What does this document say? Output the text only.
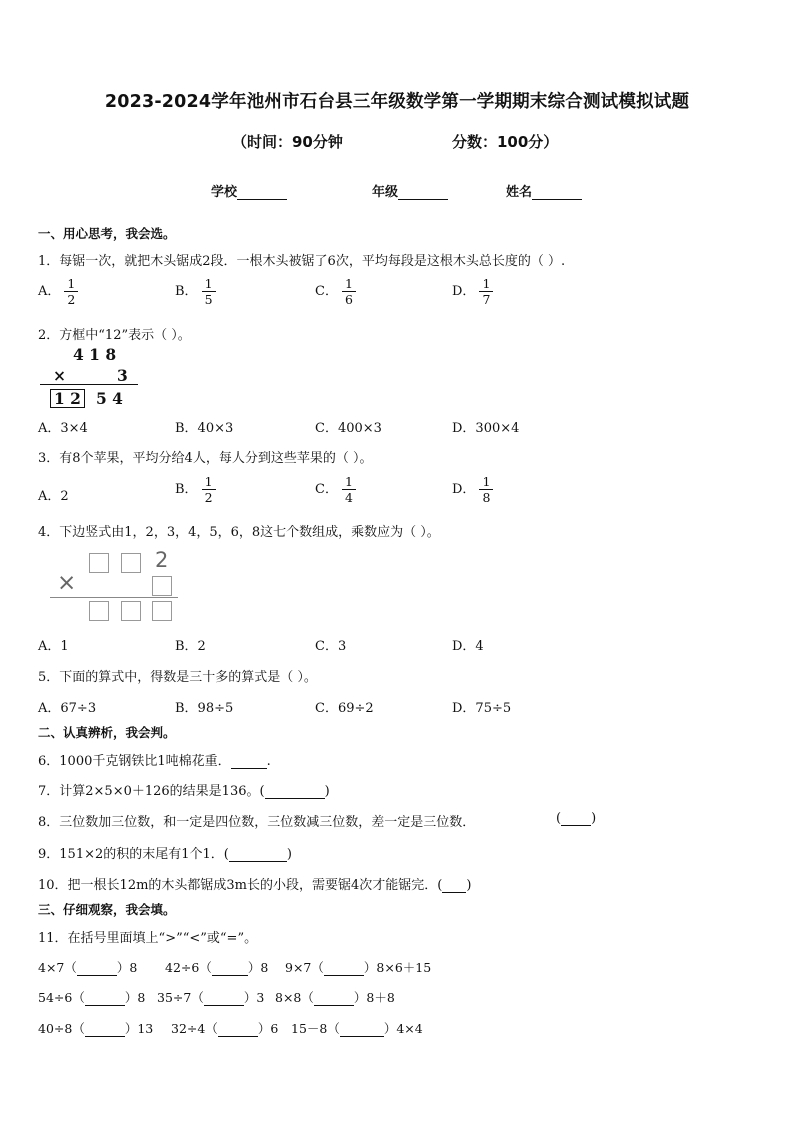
2023-2024学年池州市石台县三年级数学第一学期期末综合测试模拟试题
（时间：90分钟	分数：100分）
学校	年级	姓名
一、用心思考，我会选。
1．每锯一次，就把木头锯成2段．一根木头被锯了6次，平均每段是这根木头总长度的（ ）.
A． $\frac{1}{2}$	B． $\frac{1}{5}$	C． $\frac{1}{6}$	D． $\frac{1}{7}$
2．方框中“12”表示（ ）。
4 1 8
×	3
1 2 5 4
A．3×4	B．40×3	C．400×3	D．300×4
3．有8个苹果，平均分给4人，每人分到这些苹果的（ ）。
A．2	B． $\frac{1}{2}$	C． $\frac{1}{4}$	D． $\frac{1}{8}$
4．下边竖式由1，2，3，4，5，6，8这七个数组成，乘数应为（ ）。
2
×
A．1	B．2	C．3	D．4
5．下面的算式中，得数是三十多的算式是（ ）。
A．67÷3	B．98÷5	C．69÷2	D．75÷5
二、认真辨析，我会判。
6．1000千克钢铁比1吨棉花重．	.
7．计算2×5×0＋126的结果是136。(	)
8．三位数加三位数，和一定是四位数，三位数减三位数，差一定是三位数．	( )
9．151×2的积的末尾有1个1．(	)
10．把一根长12m的木头都锯成3m长的小段，需要锯4次才能锯完．( )
三、仔细观察，我会填。
11．在括号里面填上“>”“<”或“=”。
4×7（	）8 42÷6（	）8 9×7（	）8×6＋15
54÷6（	）8 35÷7（	）3 8×8（	）8＋8
40÷8（	）13 32÷4（	）6 15－8（	）4×4
